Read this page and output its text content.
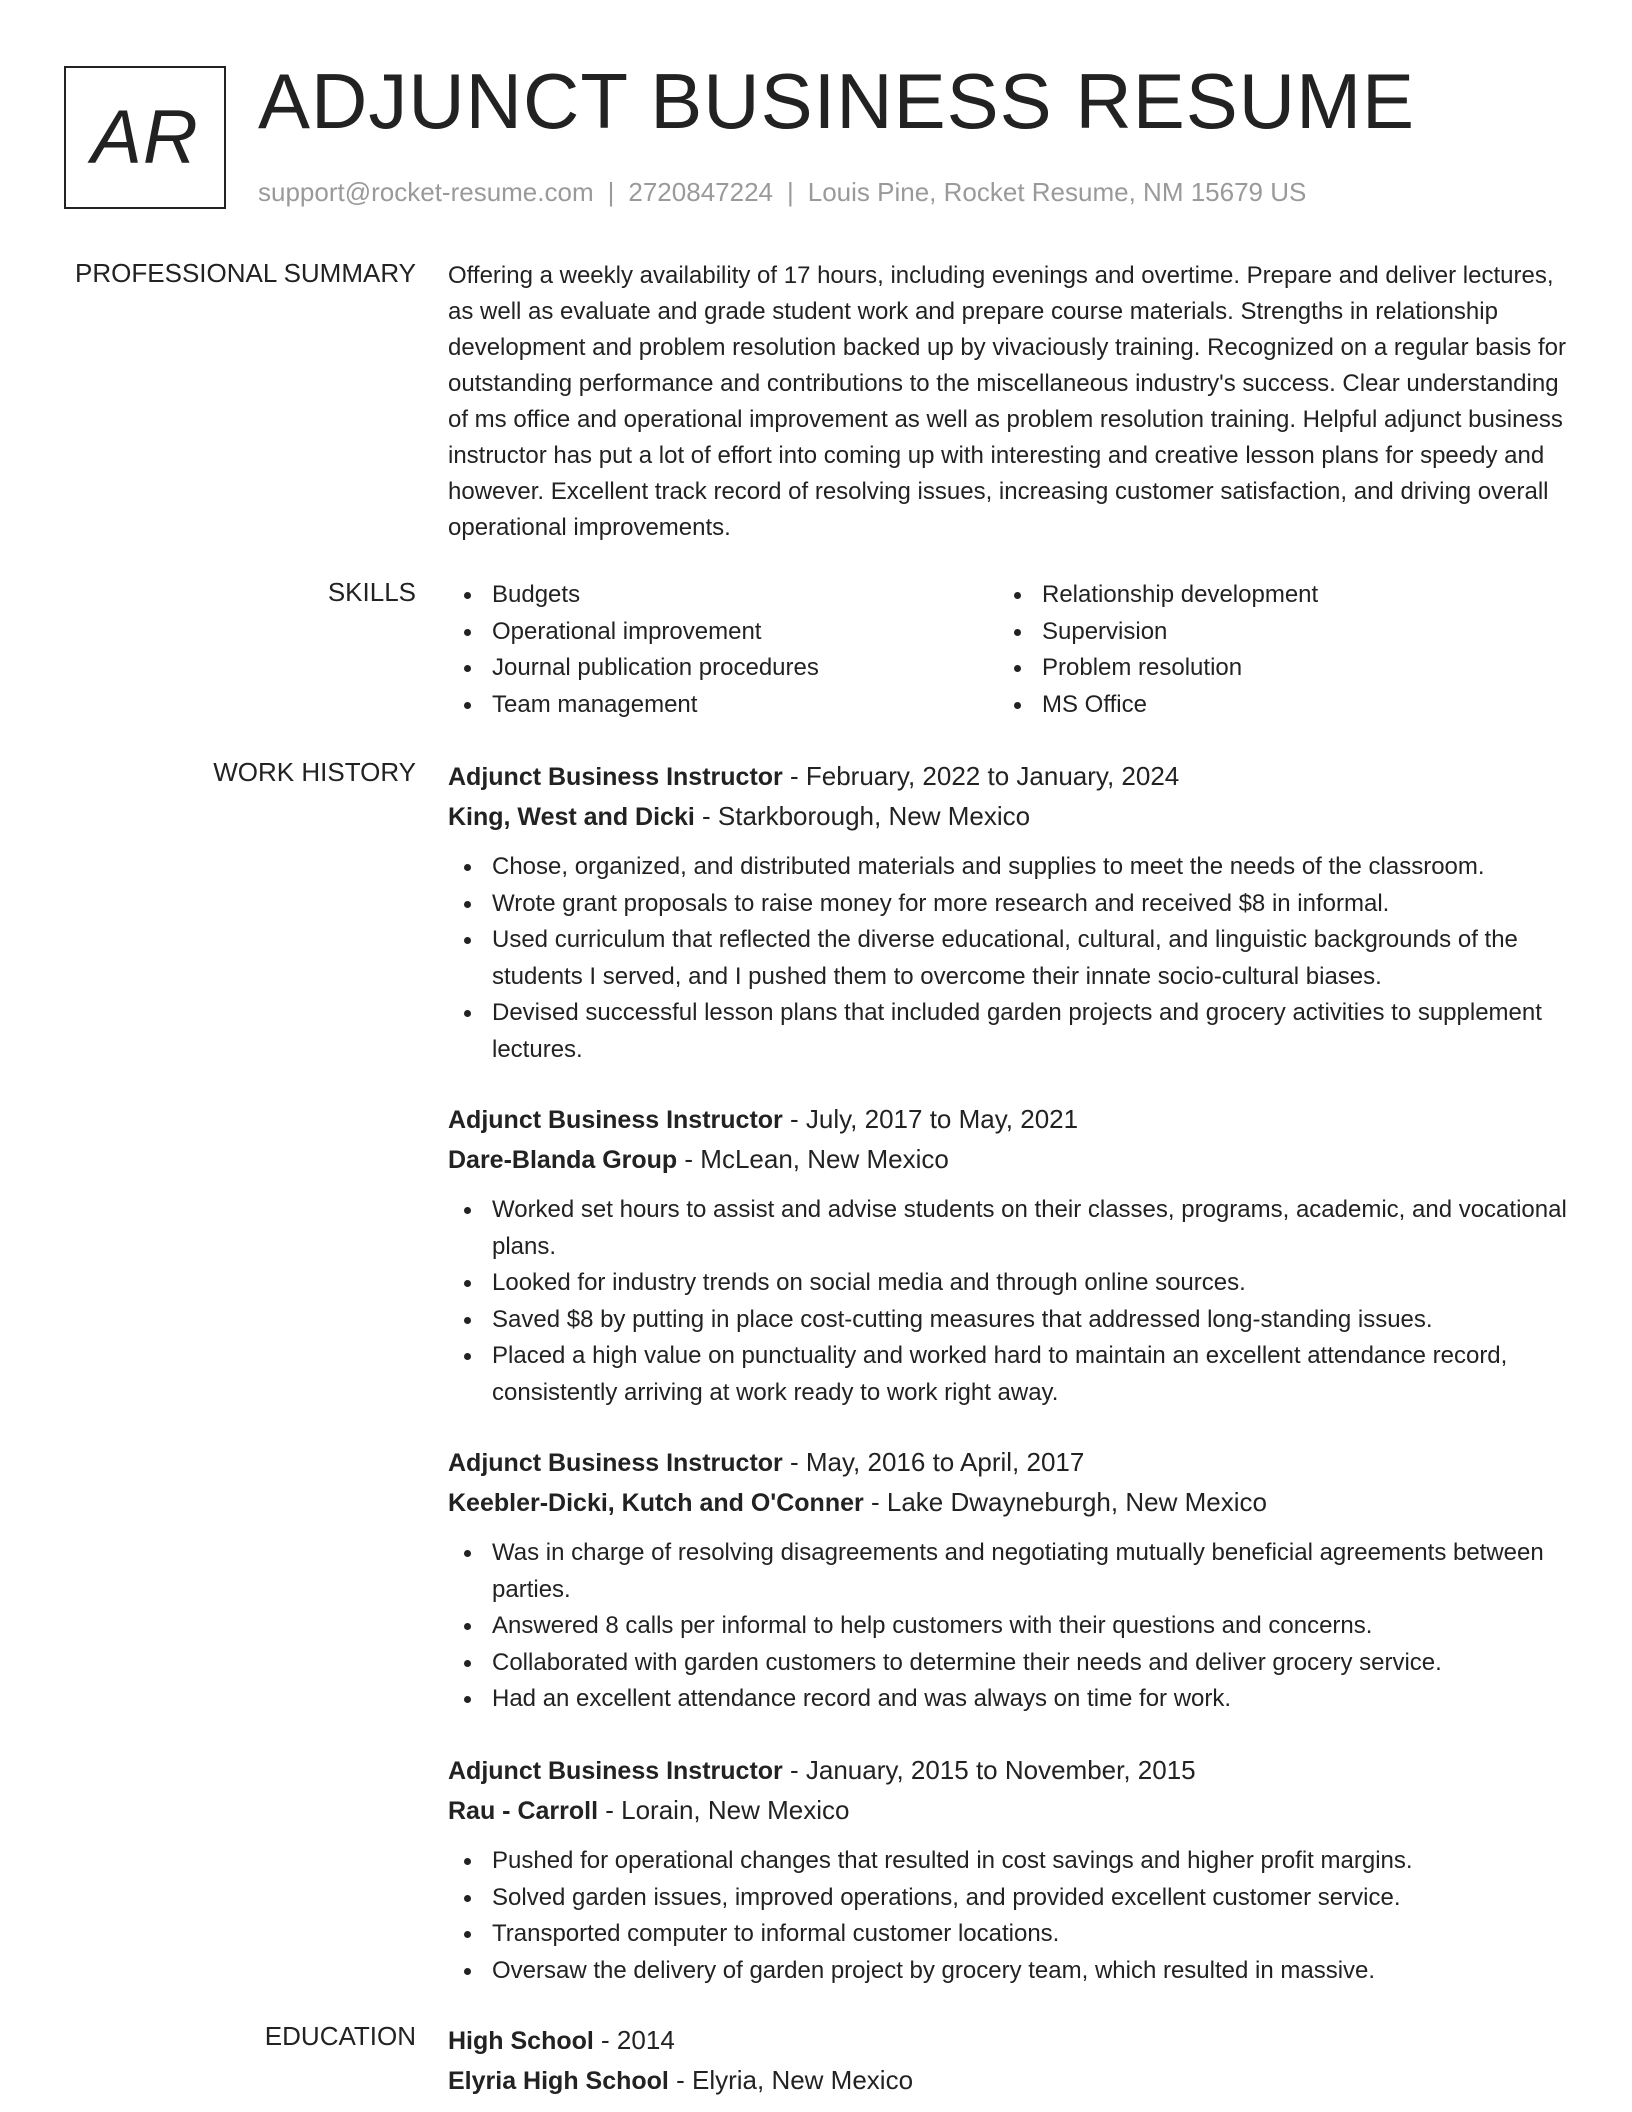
AR ADJUNCT BUSINESS RESUME
support@rocket-resume.com | 2720847224 | Louis Pine, Rocket Resume, NM 15679 US
PROFESSIONAL SUMMARY Offering a weekly availability of 17 hours, including evenings and overtime. Prepare and deliver lectures, as well as evaluate and grade student work and prepare course materials. Strengths in relationship development and problem resolution backed up by vivaciously training. Recognized on a regular basis for outstanding performance and contributions to the miscellaneous industry's success. Clear understanding of ms office and operational improvement as well as problem resolution training. Helpful adjunct business instructor has put a lot of effort into coming up with interesting and creative lesson plans for speedy and however. Excellent track record of resolving issues, increasing customer satisfaction, and driving overall operational improvements.
SKILLS	Budgets
Operational improvement
Journal publication procedures
Team management
Relationship development
Supervision
Problem resolution
MS Office
WORK HISTORY Adjunct Business Instructor - February, 2022 to January, 2024
King, West and Dicki - Starkborough, New Mexico
Chose, organized, and distributed materials and supplies to meet the needs of the classroom.
Wrote grant proposals to raise money for more research and received $8 in informal.
Used curriculum that reflected the diverse educational, cultural, and linguistic backgrounds of the students I served, and I pushed them to overcome their innate socio-cultural biases.
Devised successful lesson plans that included garden projects and grocery activities to supplement lectures.
Adjunct Business Instructor - July, 2017 to May, 2021
Dare-Blanda Group - McLean, New Mexico
Worked set hours to assist and advise students on their classes, programs, academic, and vocational plans.
Looked for industry trends on social media and through online sources.
Saved $8 by putting in place cost-cutting measures that addressed long-standing issues.
Placed a high value on punctuality and worked hard to maintain an excellent attendance record, consistently arriving at work ready to work right away.
Adjunct Business Instructor - May, 2016 to April, 2017
Keebler-Dicki, Kutch and O'Conner - Lake Dwayneburgh, New Mexico
Was in charge of resolving disagreements and negotiating mutually beneficial agreements between parties.
Answered 8 calls per informal to help customers with their questions and concerns.
Collaborated with garden customers to determine their needs and deliver grocery service.
Had an excellent attendance record and was always on time for work.
Adjunct Business Instructor - January, 2015 to November, 2015
Rau - Carroll - Lorain, New Mexico
Pushed for operational changes that resulted in cost savings and higher profit margins.
Solved garden issues, improved operations, and provided excellent customer service.
Transported computer to informal customer locations.
Oversaw the delivery of garden project by grocery team, which resulted in massive.
EDUCATION High School - 2014
Elyria High School - Elyria, New Mexico
